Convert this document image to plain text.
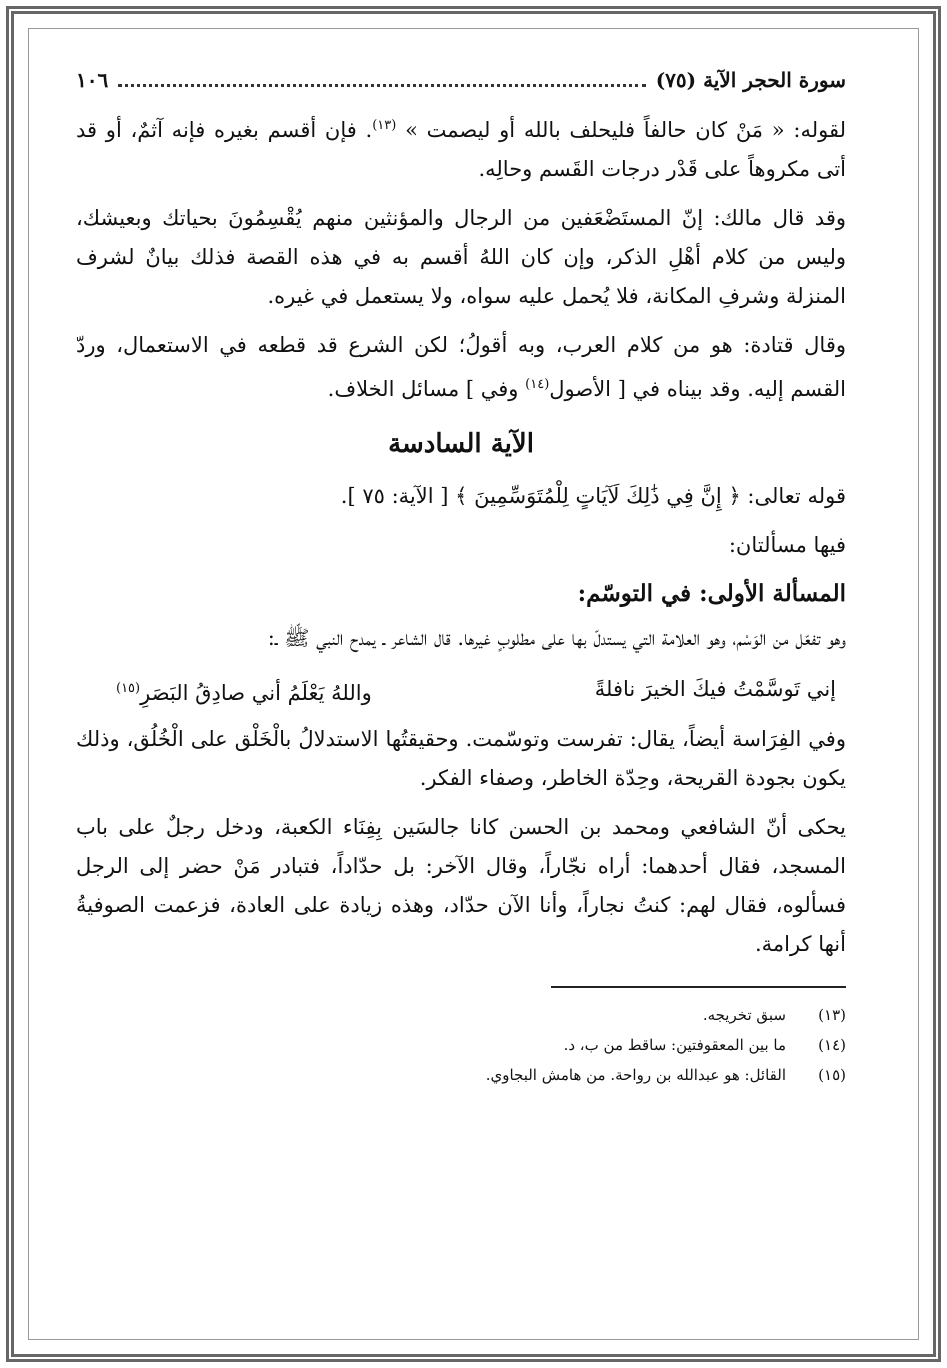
سورة الحجر الآية (٧٥)
١٠٦

لقوله: « مَنْ كان حالفاً فليحلف بالله أو ليصمت » $^{(١٣)}$. فإن أقسم بغيره فإنه آثمٌ، أو قد أتى مكروهاً على قَدْر درجات القَسم وحالِه.

وقد قال مالك: إنّ المستَضْعَفين من الرجال والمؤنثين منهم يُقْسِمُونَ بحياتك وبعيشك، وليس من كلام أهْلِ الذكر، وإن كان اللهُ أقسم به في هذه القصة فذلك بيانٌ لشرف المنزلة وشرفِ المكانة، فلا يُحمل عليه سواه، ولا يستعمل في غيره.

وقال قتادة: هو من كلام العرب، وبه أقولُ؛ لكن الشرع قد قطعه في الاستعمال، وردّ القسم إليه. وقد بيناه في [ الأصول$^{(١٤)}$ وفي ] مسائل الخلاف.

الآية السادسة

قوله تعالى: ﴿ إِنَّ فِي ذَٰلِكَ لَآيَاتٍ لِلْمُتَوَسِّمِينَ ﴾ [ الآية: ٧٥ ].

فيها مسألتان:

المسألة الأولى: في التوسّم:

وهو تفعّل من الوَسْم، وهو العلامة التي يستدلّ بها على مطلوبٍ غيرها. قال الشاعر ـ يمدح النبي ﷺ ـ:

إني تَوسَّمْتُ فيكَ الخيرَ نافلةً
واللهُ يَعْلَمُ أني صادِقُ البَصَرِ$^{(١٥)}$

وفي الفِرَاسة أيضاً، يقال: تفرست وتوسّمت. وحقيقتُها الاستدلالُ بالْخَلْق على الْخُلُق، وذلك يكون بجودة القريحة، وحِدّة الخاطر، وصفاء الفكر.

يحكى أنّ الشافعي ومحمد بن الحسن كانا جالسَين بِفِنَاء الكعبة، ودخل رجلٌ على باب المسجد، فقال أحدهما: أراه نجّاراً، وقال الآخر: بل حدّاداً، فتبادر مَنْ حضر إلى الرجل فسألوه، فقال لهم: كنتُ نجاراً، وأنا الآن حدّاد، وهذه زيادة على العادة، فزعمت الصوفيةُ أنها كرامة.

(١٣)
سبق تخريجه.
(١٤)
ما بين المعقوفتين: ساقط من ب، د.
(١٥)
القائل: هو عبدالله بن رواحة. من هامش البجاوي.
